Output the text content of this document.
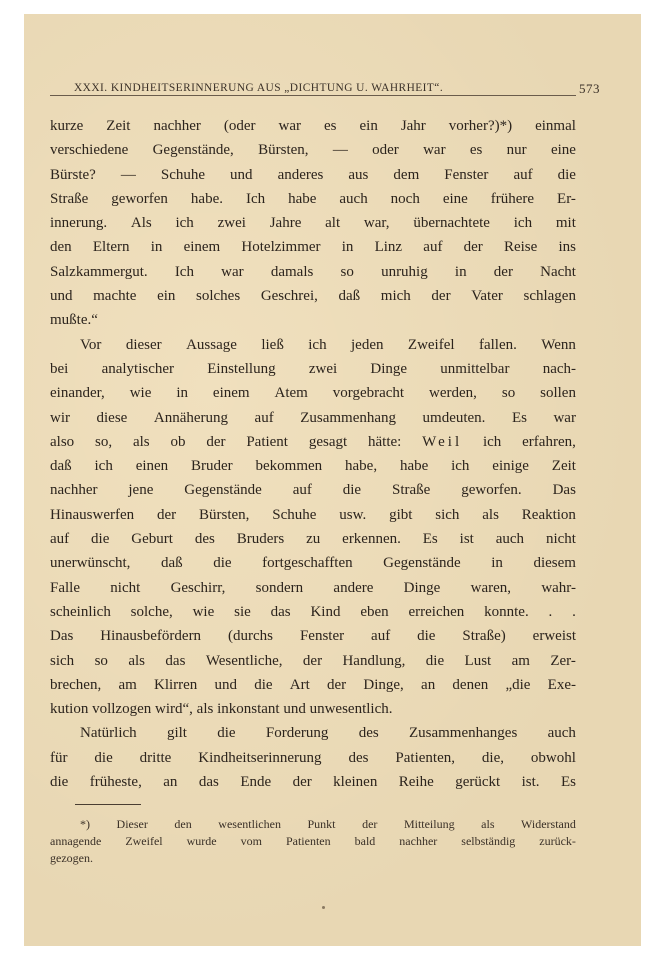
XXXI. KINDHEITSERINNERUNG AUS „DICHTUNG U. WAHRHEIT“.	573
kurze Zeit nachher (oder war es ein Jahr vorher?)*) einmal
verschiedene Gegenstände, Bürsten, — oder war es nur eine
Bürste? — Schuhe und anderes aus dem Fenster auf die
Straße geworfen habe. Ich habe auch noch eine frühere Er-
innerung. Als ich zwei Jahre alt war, übernachtete ich mit
den Eltern in einem Hotelzimmer in Linz auf der Reise ins
Salzkammergut. Ich war damals so unruhig in der Nacht
und machte ein solches Geschrei, daß mich der Vater schlagen
mußte.“
Vor dieser Aussage ließ ich jeden Zweifel fallen. Wenn
bei analytischer Einstellung zwei Dinge unmittelbar nach-
einander, wie in einem Atem vorgebracht werden, so sollen
wir diese Annäherung auf Zusammenhang umdeuten. Es war
also so, als ob der Patient gesagt hätte: Weil ich erfahren,
daß ich einen Bruder bekommen habe, habe ich einige Zeit
nachher jene Gegenstände auf die Straße geworfen. Das
Hinauswerfen der Bürsten, Schuhe usw. gibt sich als Reaktion
auf die Geburt des Bruders zu erkennen. Es ist auch nicht
unerwünscht, daß die fortgeschafften Gegenstände in diesem
Falle nicht Geschirr, sondern andere Dinge waren, wahr-
scheinlich solche, wie sie das Kind eben erreichen konnte. . .
Das Hinausbefördern (durchs Fenster auf die Straße) erweist
sich so als das Wesentliche, der Handlung, die Lust am Zer-
brechen, am Klirren und die Art der Dinge, an denen „die Exe-
kution vollzogen wird“, als inkonstant und unwesentlich.
Natürlich gilt die Forderung des Zusammenhanges auch
für die dritte Kindheitserinnerung des Patienten, die, obwohl
die früheste, an das Ende der kleinen Reihe gerückt ist. Es
*) Dieser den wesentlichen Punkt der Mitteilung als Widerstand
annagende Zweifel wurde vom Patienten bald nachher selbständig zurück-
gezogen.
